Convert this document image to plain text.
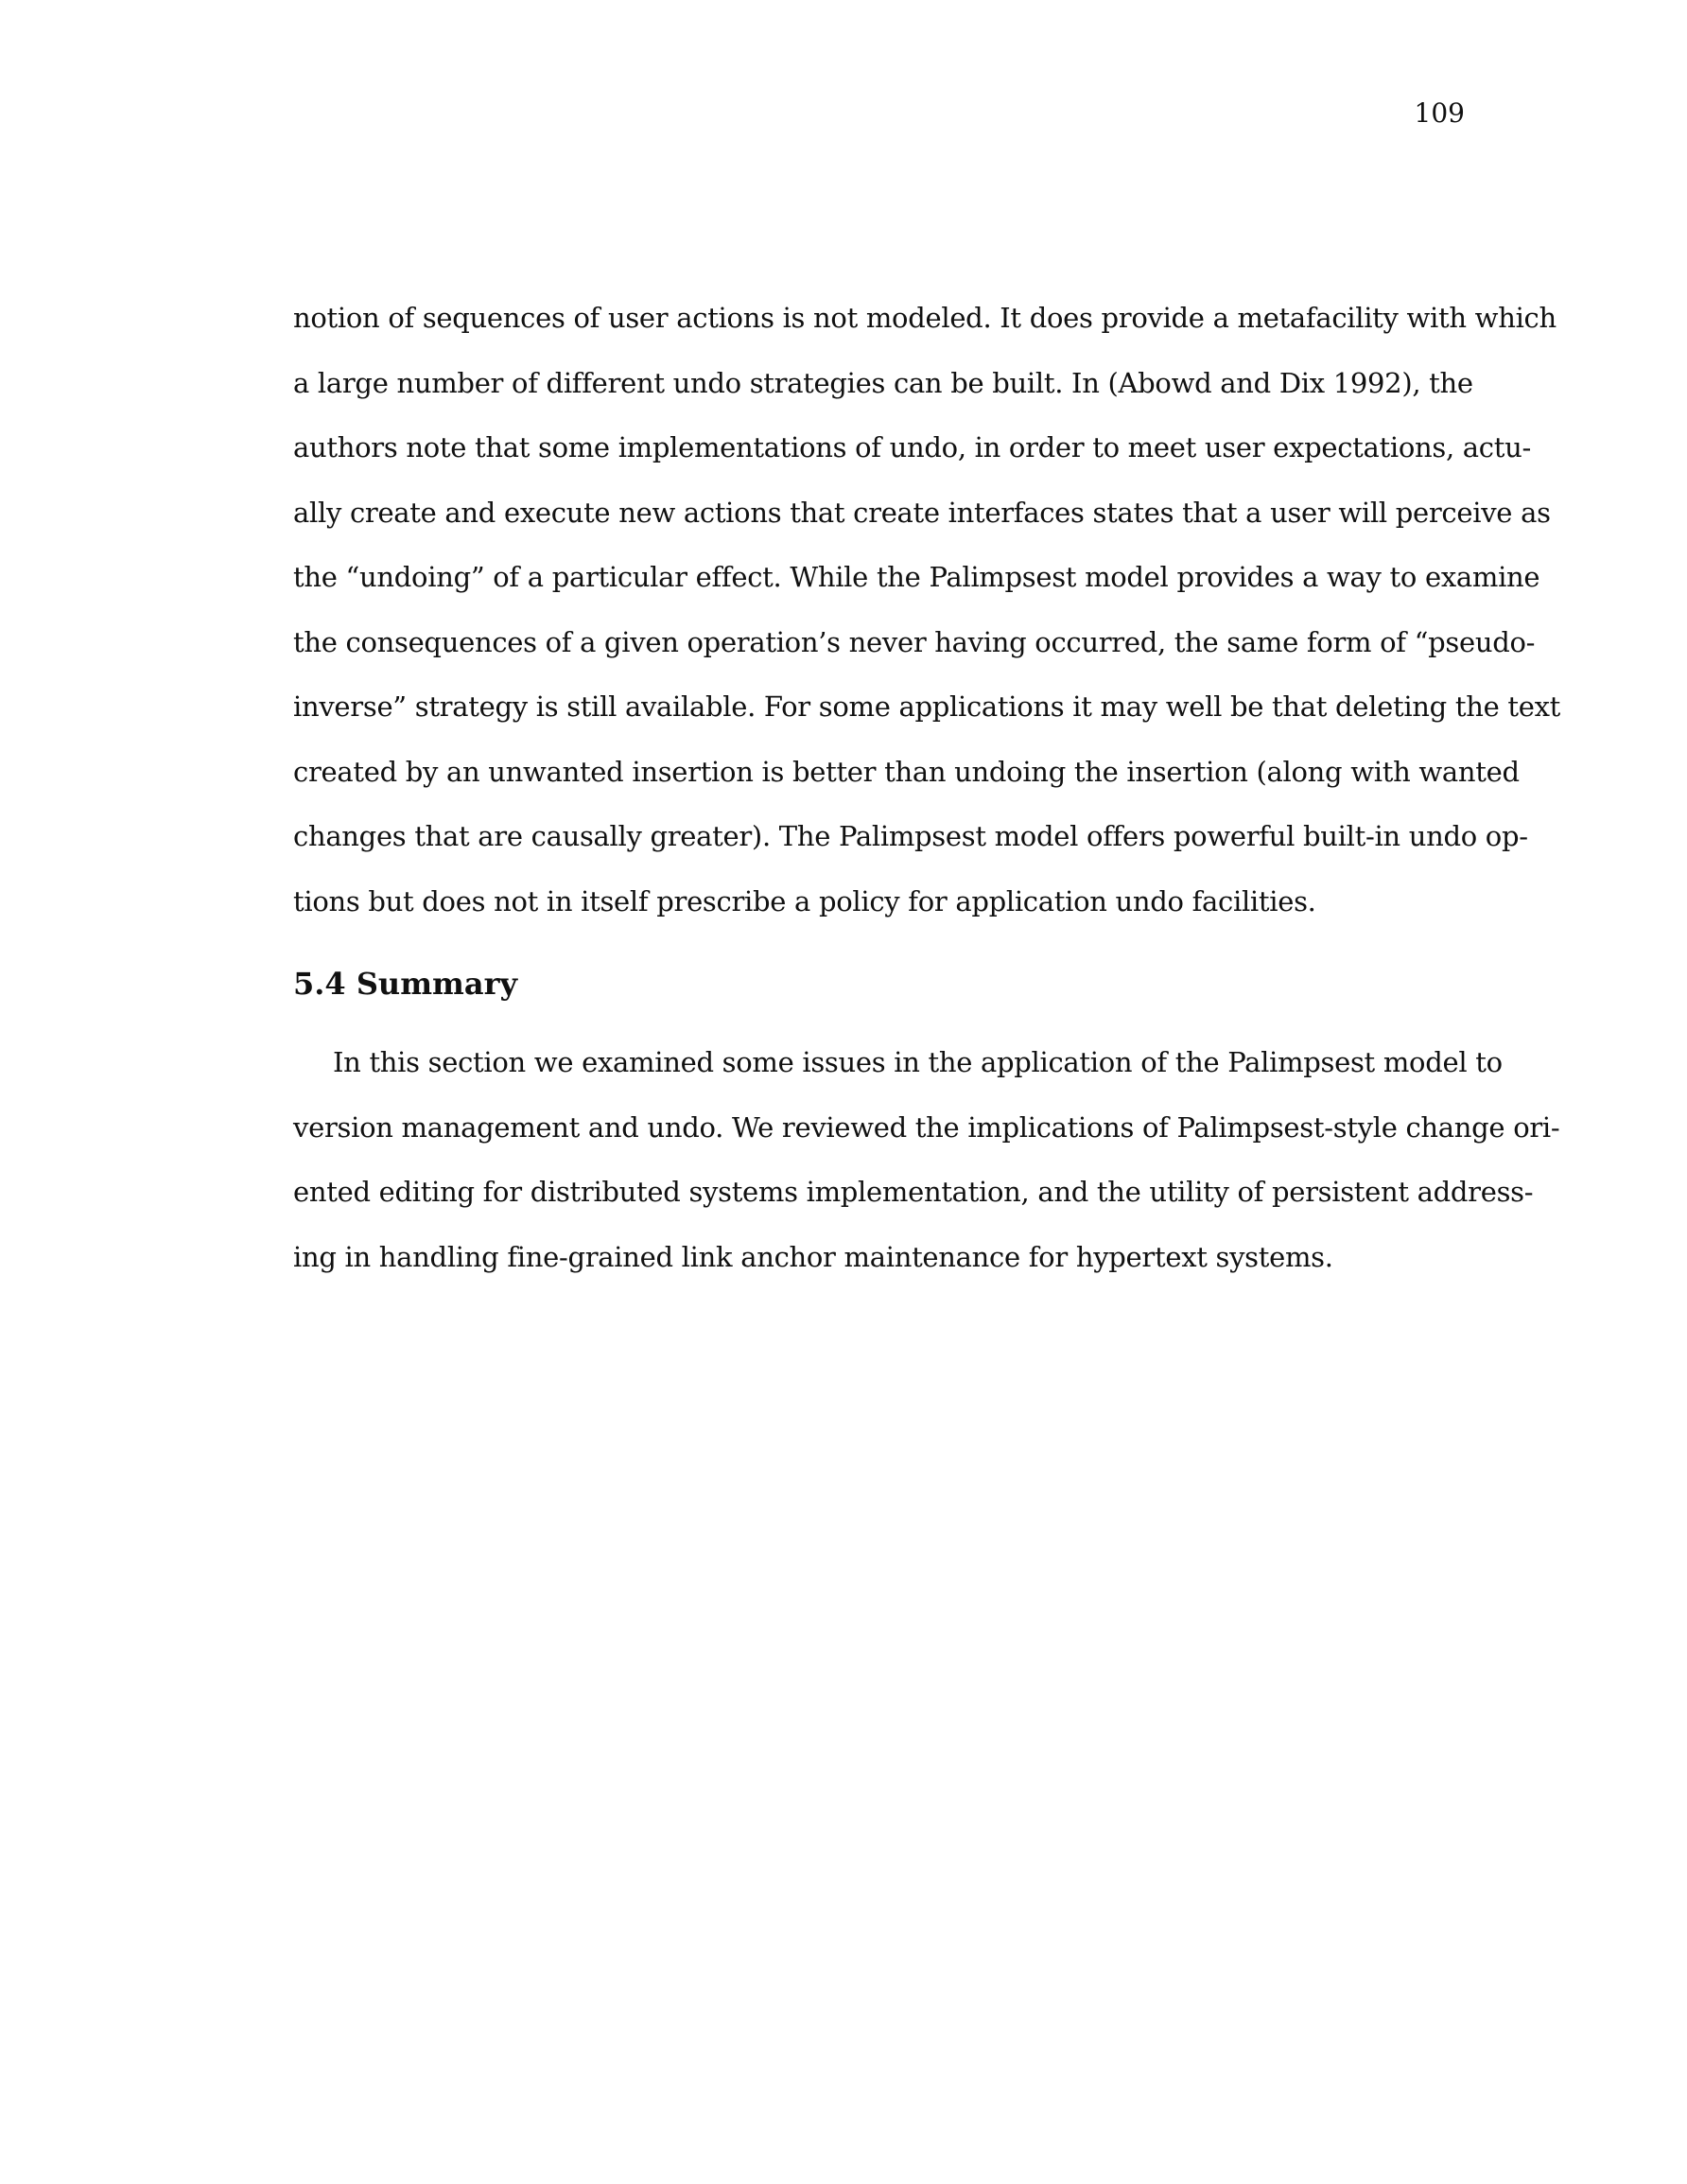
109
notion of sequences of user actions is not modeled. It does provide a metafacility with which
a large number of different undo strategies can be built. In (Abowd and Dix 1992), the
authors note that some implementations of undo, in order to meet user expectations, actu-
ally create and execute new actions that create interfaces states that a user will perceive as
the “undoing” of a particular effect. While the Palimpsest model provides a way to examine
the consequences of a given operation’s never having occurred, the same form of “pseudo-
inverse” strategy is still available. For some applications it may well be that deleting the text
created by an unwanted insertion is better than undoing the insertion (along with wanted
changes that are causally greater). The Palimpsest model offers powerful built-in undo op-
tions but does not in itself prescribe a policy for application undo facilities.
5.4 Summary
In this section we examined some issues in the application of the Palimpsest model to
version management and undo. We reviewed the implications of Palimpsest-style change ori-
ented editing for distributed systems implementation, and the utility of persistent address-
ing in handling fine-grained link anchor maintenance for hypertext systems.
